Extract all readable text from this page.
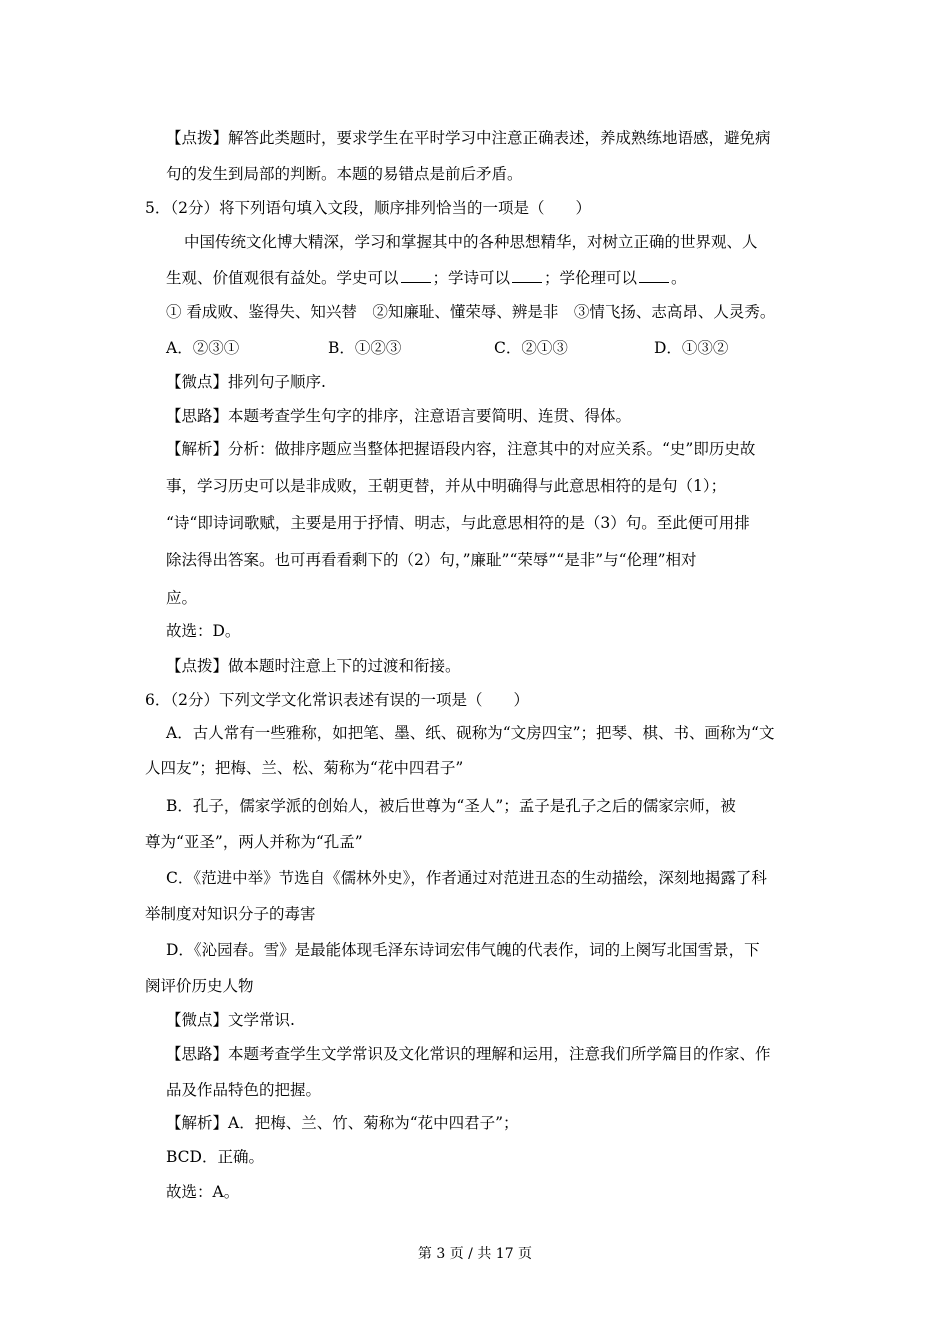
【点拨】解答此类题时，要求学生在平时学习中注意正确表述，养成熟练地语感，避免病
句的发生到局部的判断。本题的易错点是前后矛盾。
5．（2分）将下列语句填入文段，顺序排列恰当的一项是（　　）
中国传统文化博大精深，学习和掌握其中的各种思想精华，对树立正确的世界观、人
生观、价值观很有益处。学史可以 ；学诗可以 ；学伦理可以 。
① 看成败、鉴得失、知兴替　②知廉耻、懂荣辱、辨是非　③情飞扬、志高昂、人灵秀。
A．②③①	B．①②③	C．②①③	D．①③②
【微点】排列句子顺序.
【思路】本题考查学生句字的排序，注意语言要简明、连贯、得体。
【解析】分析：做排序题应当整体把握语段内容，注意其中的对应关系。“史”即历史故
事，学习历史可以是非成败，王朝更替，并从中明确得与此意思相符的是句（1）；
“诗“即诗词歌赋，主要是用于抒情、明志，与此意思相符的是（3）句。至此便可用排
除法得出答案。也可再看看剩下的（2）句，”廉耻”“荣辱”“是非”与“伦理”相对
应。
故选：D。
【点拨】做本题时注意上下的过渡和衔接。
6．（2分）下列文学文化常识表述有误的一项是（　　）
A．古人常有一些雅称，如把笔、墨、纸、砚称为“文房四宝”；把琴、棋、书、画称为“文
人四友”；把梅、兰、松、菊称为“花中四君子”
B．孔子，儒家学派的创始人，被后世尊为“圣人”；孟子是孔子之后的儒家宗师，被
尊为“亚圣”，两人并称为“孔孟”
C．《范进中举》节选自《儒林外史》，作者通过对范进丑态的生动描绘，深刻地揭露了科
举制度对知识分子的毒害
D．《沁园春。雪》是最能体现毛泽东诗词宏伟气魄的代表作，词的上阕写北国雪景，下
阕评价历史人物
【微点】文学常识.
【思路】本题考查学生文学常识及文化常识的理解和运用，注意我们所学篇目的作家、作
品及作品特色的把握。
【解析】A．把梅、兰、竹、菊称为“花中四君子”；
BCD．正确。
故选：A。
第 3 页 / 共 17 页
